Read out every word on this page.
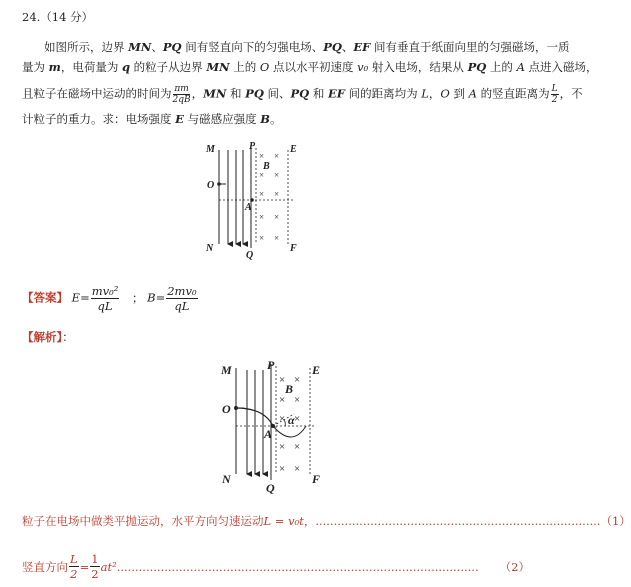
24.（14 分）
如图所示，边界 MN、PQ 间有竖直向下的匀强电场、PQ、EF 间有垂直于纸面向里的匀强磁场，一质
量为 m，电荷量为 q 的粒子从边界 MN 上的 O 点以水平初速度 v₀ 射入电场，结果从 PQ 上的 A 点进入磁场，
且粒子在磁场中运动的时间为 $\frac{\pi m}{2qB}$ ，MN 和 PQ 间、PQ 和 EF 间的距离均为 L，O 到 A 的竖直距离为 $\frac{L}{2}$ ，不
计粒子的重力。求：电场强度 E 与磁感应强度 B。
× ×
× ×
× ×
× ×
× ×
M	P	E
B
O
A
N
Q
F
【答案】 $E= \frac{\text{mv₀²}}{qL}$ ； $B= \frac{\text{2mv₀}}{qL}$
【解析】：
× ×
× ×
× ×
× ×
× ×
M	P	E
B
O
α
A
N
Q
F
粒子在电场中做类平抛运动，水平方向匀速运动 L = v₀t ， .............................................................................. （1）
竖直方向 $\frac{L}{2} = \frac{1}{2} at^2$ ...................................................................................................	（2）
